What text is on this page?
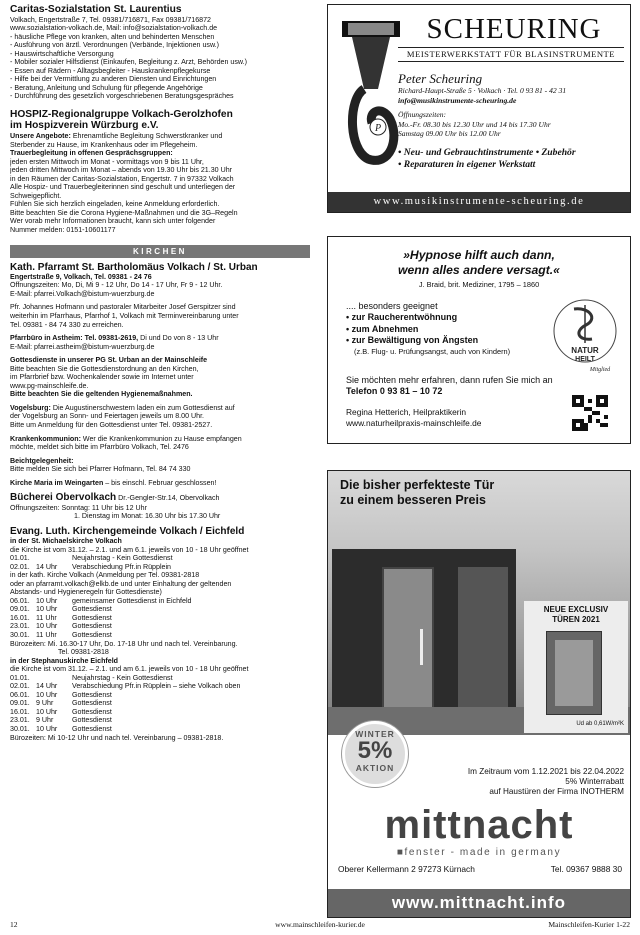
Caritas-Sozialstation St. Laurentius

Volkach, Engertstraße 7, Tel. 09381/716871, Fax 09381/716872

www.sozialstation-volkach.de, Mail: info@sozialstation-volkach.de

- häusliche Pflege von kranken, alten und behinderten Menschen

- Ausführung von ärztl. Verordnungen (Verbände, Injektionen usw.)

- Hauswirtschaftliche Versorgung

- Mobiler sozialer Hilfsdienst (Einkaufen, Begleitung z. Arzt, Behörden usw.)

- Essen auf Rädern - Alltagsbegleiter - Hauskrankenpflegekurse

- Hilfe bei der Vermittlung zu anderen Diensten und Einrichtungen

- Beratung, Anleitung und Schulung für pflegende Angehörige

- Durchführung des gesetzlich vorgeschriebenen Beratungsgespräches

HOSPIZ-Regionalgruppe Volkach-Gerolzhofen

im Hospizverein Würzburg e.V.

Unsere Angebote: Ehrenamtliche Begleitung Schwerstkranker und

Sterbender zu Hause, im Krankenhaus oder im Pflegeheim.

Trauerbegleitung in offenen Gesprächsgruppen:

jeden ersten Mittwoch im Monat - vormittags von 9 bis 11 Uhr,

jeden dritten Mittwoch im Monat – abends von 19.30 Uhr bis 21.30 Uhr

in den Räumen der Caritas-Sozialstation, Engertstr. 7 in 97332 Volkach

Alle Hospiz- und Trauerbegleiterinnen sind geschult und unterliegen der

Schweigepflicht.

Fühlen Sie sich herzlich eingeladen, keine Anmeldung erforderlich.

Bitte beachten Sie die Corona Hygiene-Maßnahmen und die 3G–Regeln

Wer vorab mehr Informationen braucht, kann sich unter folgender

Nummer melden: 0151-10601177

KIRCHEN

Kath. Pfarramt St. Bartholomäus Volkach / St. Urban

Engertstraße 9, Volkach, Tel. 09381 - 24 76

Öffnungszeiten: Mo, Di, Mi 9 - 12 Uhr, Do 14 - 17 Uhr, Fr 9 - 12 Uhr.

E-Mail: pfarrei.Volkach@bistum-wuerzburg.de

Pfr. Johannes Hofmann und pastoraler Mitarbeiter Josef Gerspitzer sind

weiterhin im Pfarrhaus, Pfarrhof 1, Volkach mit Terminvereinbarung unter

Tel. 09381 - 84 74 330 zu erreichen.

Pfarrbüro in Astheim: Tel. 09381-2619, Di und Do von 8 - 13 Uhr

E-Mail: pfarrei.astheim@bistum-wuerzburg.de

Gottesdienste in unserer PG St. Urban an der Mainschleife

Bitte beachten Sie die Gottesdienstordnung an den Kirchen,

im Pfarrbrief bzw. Wochenkalender sowie im Internet unter

www.pg-mainschleife.de.

Bitte beachten Sie die geltenden Hygienemaßnahmen.

Vogelsburg: Die Augustinerschwestern laden ein zum Gottesdienst auf

der Vogelsburg an Sonn- und Feiertagen jeweils um 8.00 Uhr.

Bitte um Anmeldung für den Gottesdienst unter Tel. 09381-2527.

Krankenkommunion: Wer die Krankenkommunion zu Hause empfangen

möchte, meldet sich bitte im Pfarrbüro Volkach, Tel. 2476

Beichtgelegenheit:

Bitte melden Sie sich bei Pfarrer Hofmann, Tel. 84 74 330

Kirche Maria im Weingarten – bis einschl. Februar geschlossen!

Bücherei Obervolkach Dr.-Gengler-Str.14, Obervolkach

Öffnungszeiten: Sonntag: 11 Uhr bis 12 Uhr

1. Dienstag im Monat: 16.30 Uhr bis 17.30 Uhr

Evang. Luth. Kirchengemeinde Volkach / Eichfeld

in der St. Michaelskirche Volkach

die Kirche ist vom 31.12. – 2.1. und am 6.1. jeweils von 10 - 18 Uhr geöffnet

01.01.	Neujahrstag - Kein Gottesdienst

02.01. 14 Uhr Verabschiedung Pfr.in Rüpplein

in der kath. Kirche Volkach (Anmeldung per Tel. 09381-2818

oder an pfarramt.volkach@elkb.de und unter Einhaltung der geltenden

Abstands- und Hygieneregeln für Gottesdienste)

06.01. 10 Uhr gemeinsamer Gottesdienst in Eichfeld

09.01. 10 Uhr Gottesdienst

16.01. 11 Uhr Gottesdienst

23.01. 10 Uhr Gottesdienst

30.01. 11 Uhr Gottesdienst

Bürozeiten: Mi. 16.30-17 Uhr, Do. 17-18 Uhr und nach tel. Vereinbarung.

Tel. 09381-2818

in der Stephanuskirche Eichfeld

die Kirche ist vom 31.12. – 2.1. und am 6.1. jeweils von 10 - 18 Uhr geöffnet

01.01.	Neujahrstag - Kein Gottesdienst

02.01. 14 Uhr Verabschiedung Pfr.in Rüpplein – siehe Volkach oben

06.01. 10 Uhr Gottesdienst

09.01. 9 Uhr	Gottesdienst

16.01. 10 Uhr Gottesdienst

23.01. 9 Uhr	Gottesdienst

30.01. 10 Uhr Gottesdienst

Bürozeiten: Mi 10-12 Uhr und nach tel. Vereinbarung – 09381-2818.

P
SCHEURING
MEISTERWERKSTATT FÜR BLASINSTRUMENTE

Peter Scheuring

Richard-Haupt-Straße 5 · Volkach · Tel. 0 93 81 - 42 31

info@musikinstrumente-scheuring.de

Öffnungszeiten:

Mo.-Fr. 08.30 bis 12.30 Uhr und 14 bis 17.30 Uhr

Samstag 09.00 Uhr bis 12.00 Uhr

• Neu- und Gebrauchtinstrumente • Zubehör

• Reparaturen in eigener Werkstatt

www.musikinstrumente-scheuring.de

»Hypnose hilft auch dann,

wenn alles andere versagt.«

J. Braid, brit. Mediziner, 1795 – 1860

.... besonders geeignet

• zur Raucherentwöhnung

• zum Abnehmen

• zur Bewältigung von Ängsten

(z.B. Flug- u. Prüfungsangst, auch von Kindern)	NATUR
HEILT
Mitglied

Sie möchten mehr erfahren, dann rufen Sie mich an

Telefon 0 93 81 – 10 72

Regina Hetterich, Heilpraktikerin

www.naturheilpraxis-mainschleife.de

Die bisher perfekteste Tür

zu einem besseren Preis

NEUE EXCLUSIV

TÜREN 2021

Ud ab 0,61W/m²K

WINTER

5%

AKTION	Im Zeitraum vom 1.12.2021 bis 22.04.2022

5% Winterrabatt

auf Haustüren der Firma INOTHERM

mittnacht
■fenster - made in germany
Oberer Kellermann 2 97273 Kürnach	Tel. 09367 9888 30
www.mittnacht.info
12	www.mainschleifen-kurier.de	Mainschleifen-Kurier 1-22
